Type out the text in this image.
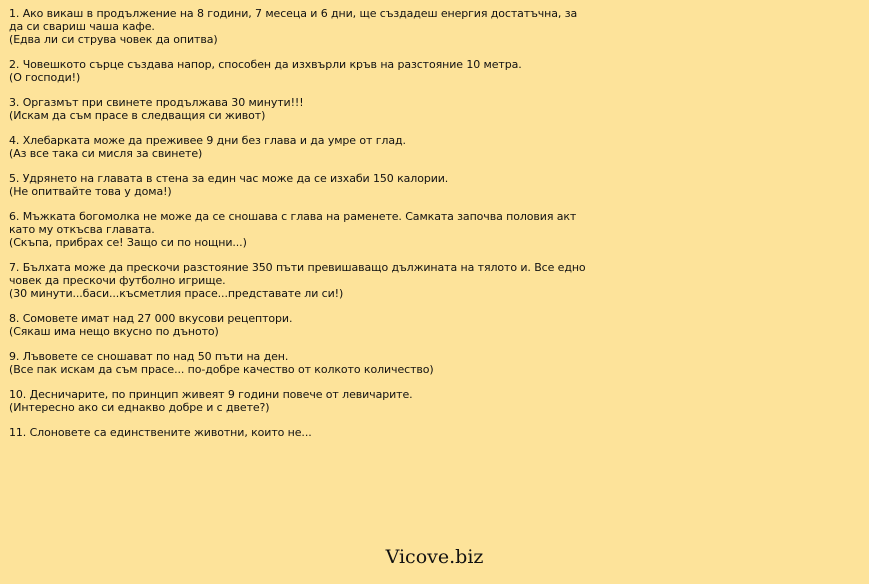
1. Ако викаш в продължение на 8 години, 7 месеца и 6 дни, ще създадеш енергия достатъчна, за да си свариш чаша кафе.
(Едва ли си струва човек да опитва)
2. Човешкото сърце създава напор, способен да изхвърли кръв на разстояние 10 метра.
(О господи!)
3. Оргазмът при свинете продължава 30 минути!!!
(Искам да съм прасе в следващия си живот)
4. Хлебарката може да преживее 9 дни без глава и да умре от глад.
(Аз все така си мисля за свинете)
5. Удрянето на главата в стена за един час може да се изхаби 150 калории.
(Не опитвайте това у дома!)
6. Мъжката богомолка не може да се сношава с глава на раменете. Самката започва половия акт като му откъсва главата.
(Скъпа, прибрах се! Защо си по нощни...)
7. Бълхата може да прескочи разстояние 350 пъти превишаващо дължината на тялото и. Все едно човек да прескочи футболно игрище.
(30 минути...баси...късметлия прасе...представате ли си!)
8. Сомовете имат над 27 000 вкусови рецептори.
(Сякаш има нещо вкусно по дъното)
9. Лъвовете се сношават по над 50 пъти на ден.
(Все пак искам да съм прасе... по-добре качество от колкото количество)
10. Десничарите, по принцип живеят 9 години повече от левичарите.
(Интересно ако си еднакво добре и с двете?)
11. Слоновете са единствените животни, които не...
Vicove.biz
